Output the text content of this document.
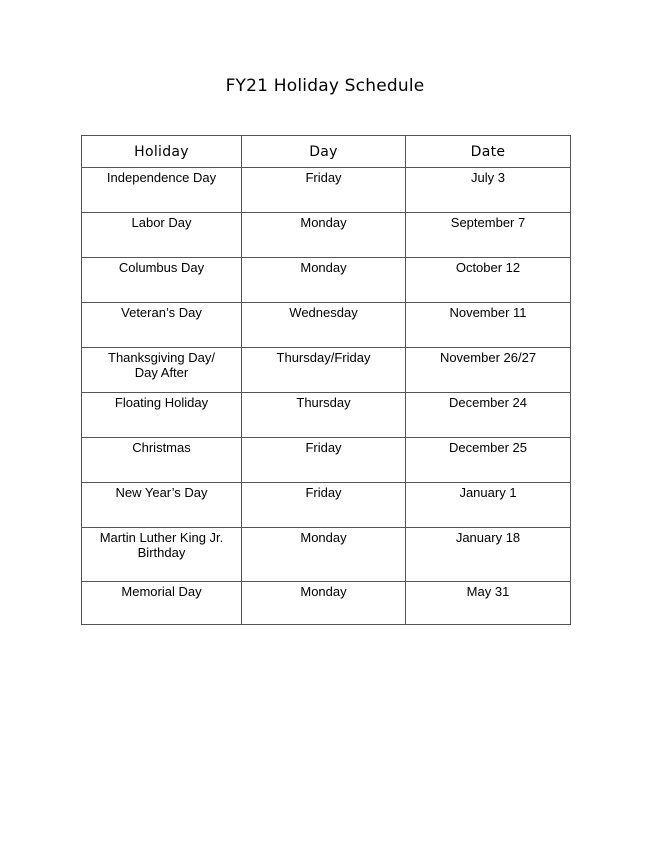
FY21 Holiday Schedule
Holiday	Day	Date
Independence Day	Friday	July 3
Labor Day	Monday	September 7
Columbus Day	Monday	October 12
Veteran’s Day	Wednesday	November 11
Thanksgiving Day/
Day After	Thursday/Friday	November 26/27
Floating Holiday	Thursday	December 24
Christmas	Friday	December 25
New Year’s Day	Friday	January 1
Martin Luther King Jr.
Birthday	Monday	January 18
Memorial Day	Monday	May 31
